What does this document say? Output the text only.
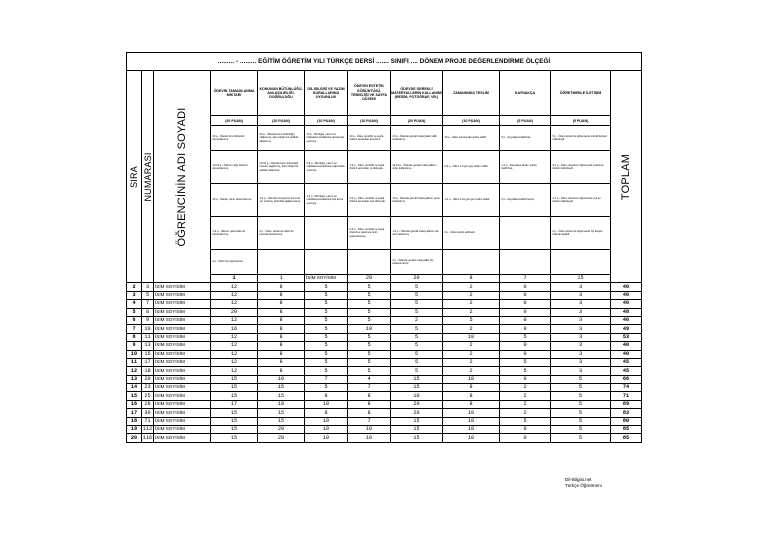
......... - ......... EĞİTİM ÖĞRETİM YILI TÜRKÇE DERSİ ....... SINIFI .... DÖNEM PROJE DEĞERLENDİRME ÖLÇEĞİ												

SIRA	NUMARASI	ÖĞRENCİNİN ADI SOYADI	ÖDEVİN TAMAMLANMA MİKTARI	KONUNUN BÜTÜNLÜĞÜ, ANLAŞILIRLIĞI, DOĞRULUĞU	DİL BİLGİSİ VE YAZIM KURALLARINA UYGUNLUK	ÖDEVİN ESTETİK GÖRÜNTÜSÜ, TEMİZLİĞİ VE SAYFA DÜZENİ	ÖDEVDE GEREKLİ MATERYALLERİN KULLANIMI (RESİM, FOTOĞRAF, VB.)	ZAMANINDA TESLİM	KAYNAKÇA	ÖĞRETMENLE İLETİŞİM	TOPLAM	

			(20 PUAN)	(20 PUAN)	(10 PUAN)	(10 PUAN)	(20 PUAN)	(10 PUAN)	(5 PUAN)	(5 PUAN)		
			20 p.- Ödevin tüm bölümleri tamamlanmış.	20 p.- Ödevde konu bütünlüğü sağlanmış, konu doğru bir şekilde aktarılmış.	10 p.- Dil bilgisi, yazım ve noktalama kurallarına tamamıyla uyulmuş.	10 p.- Ödev, temizlik ve sayfa düzeni açısından kusursuz.	20 p.- Ödevde gerekli materyaller etkili kullanılmış.	10 p.- Ödev zamanında teslim edildi.	5 p.- Kaynakça belirtilmiş.	5 p.- Ödev sürecince öğretmenle sürekli iletişim halindeydi.		
			13-19 p.- Ödevin çoğu bölümü tamamlanmış.	10-19 p.- Ödevde konu bütünlüğü kısmen sağlanmış, konu doğru bir şekilde aktarılmış.	5-9 p.- Dil bilgisi, yazım ve noktalama kurallarına çoğunlukla uyulmuş.	7-9 p.- Ödev, temizlik ve sayfa düzeni açısından iyi düzeyde.	11-19 p.- Ödevde gerekli materyallerin çoğu kullanılmış.	5-9 p.- Ödev 1-5 gün geç teslim edildi.	1-4 p.- Kaynakça eksik / yanlış belirtilmiş.	3-4 p.- Ödev sürecince öğretmenle yeterince iletişim halindeydi.		
			10 p.- Ödevin yarısı tamamlanmış.	1-9 p.- Ödevde konuyla bir kısmına yer verilmiş, bütünlük sağlanmamış.	1-4 p.- Dil bilgisi, yazım ve noktalama kurallarına çok azına uyulmuş.	4-6 p.- Ödev, temizlik ve sayfa düzeni açısından orta düzeyde.	10 p.- Ödevde gerekli materyallerin yarısı kullanılmış.	1-4 p.- Ödev 6-10 gün geç teslim edildi.	0 p.- Kaynakça belirtilmemiş.	1-2 p.- Ödev sürecince öğretmenle çok az iletişim halindeydi.		
			1-9 p.- Ödevin yarısından az tamamlanmış.	0 p.- Ödev, tamamen farklı bir konuda hazırlanmış.		0-3 p.- Ödev, temizlik ve sayfa düzenine yeterince özen gösterilmemiş.	1-9 p.- Ödevde gerekli materyallerin çok azı kullanılmış.	0 p.- Ödev teslim edilmedi.		0 p.- Ödev sürecince öğretmenle hiç iletişim halinde değildi.		
			0 p.- Ödev hiç yapılmamış.				0 p.- Ödevde gerekli materyaller hiç kullanılmamış.					
			1	1	İSİM SOYİSİM	20	20	8	7	15				
2	3	İSİM SOYİSİM	12	8	5	5	5	2	0	3	40	
3	5	İSİM SOYİSİM	12	8	5	5	5	2	0	3	40	
4	7	İSİM SOYİSİM	12	8	5	5	5	2	0	3	40	
5	8	İSİM SOYİSİM	20	8	5	5	5	2	0	3	48	
6	9	İSİM SOYİSİM	12	8	5	5	2	5	0	3	40	
7	10	İSİM SOYİSİM	16	8	5	10	5	2	0	3	49	
8	11	İSİM SOYİSİM	12	8	5	5	5	10	5	3	53	
9	13	İSİM SOYİSİM	12	8	5	5	5	2	0	3	40	
10	15	İSİM SOYİSİM	12	8	5	5	5	2	0	3	40	
11	17	İSİM SOYİSİM	12	8	5	5	5	2	5	3	45	
12	18	İSİM SOYİSİM	12	8	5	5	5	2	5	3	45	
13	20	İSİM SOYİSİM	15	10	7	4	15	10	0	5	66	
14	23	İSİM SOYİSİM	15	15	5	7	15	8	2	5	74	
15	25	İSİM SOYİSİM	15	15	8	8	10	8	2	5	71	
16	28	İSİM SOYİSİM	17	18	10	8	20	8	2	5	89	
17	30	İSİM SOYİSİM	15	15	8	8	20	10	2	5	83	
18	71	İSİM SOYİSİM	15	15	10	7	15	10	5	5	80	
19	112	İSİM SOYİSİM	15	20	10	10	15	10	0	5	85	
20	116	İSİM SOYİSİM	15	20	10	10	15	10	0	5	85	
Dil-Bilgisi.net
Türkçe Öğretmeni
